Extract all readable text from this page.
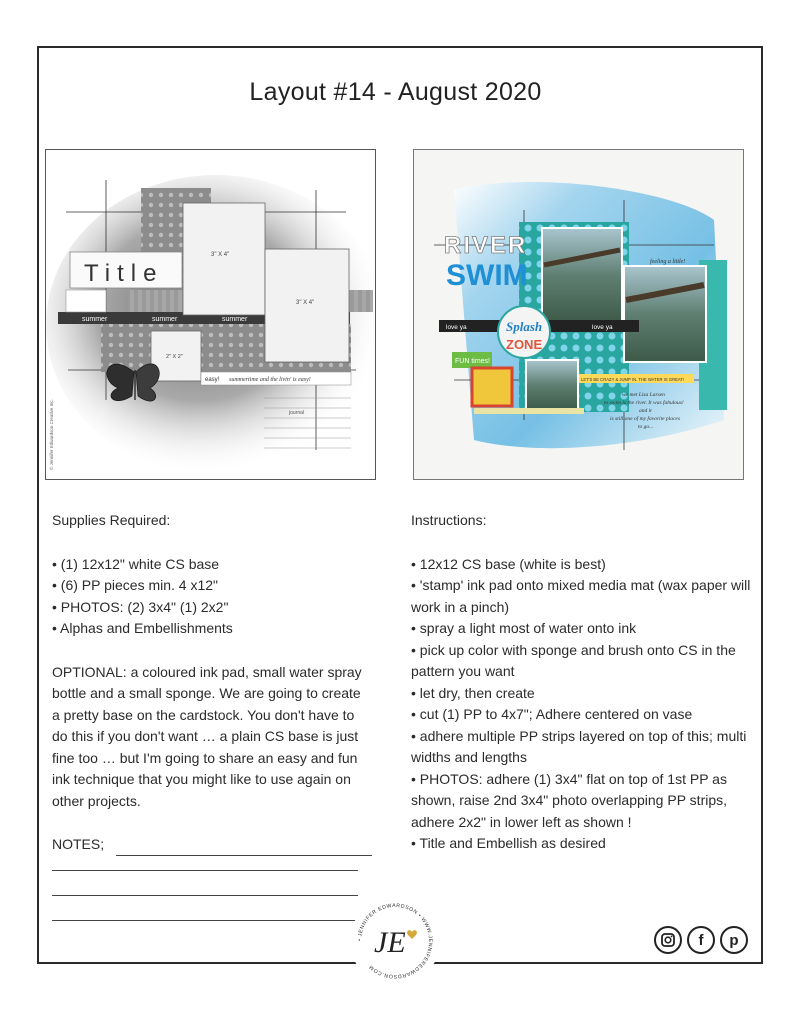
Layout #14 - August 2020
summer	summer	summer
Title
3" X 4"
3" X 4"
2" X 2"
easy! summertime and the livin' is easy!
journal
© Jennifer Edwardson Creative Inc.
feeling a little!
RIVER
SWIM
love ya	love ya
Splash
ZONE
FUN times!
LET'S BE CRAZY & JUMP IN. THE WATER IS GREAT!
we met Lisa Larsen
to swim is the river. It was fabulous!
and it
is still one of my favorite places
to go...
Supplies Required:
• (1) 12x12" white CS base
• (6) PP pieces min. 4 x12"
• PHOTOS: (2) 3x4" (1) 2x2"
• Alphas and Embellishments

OPTIONAL: a coloured ink pad, small water spray bottle and a small sponge. We are going to create a pretty base on the cardstock. You don't have to do this if you don't want … a plain CS base is just fine too … but I'm going to share an easy and fun ink technique that you might like to use again on other projects.

NOTES;
Instructions:
• 12x12 CS base (white is best)
• 'stamp' ink pad onto mixed media mat (wax paper will work in a pinch)
• spray a light most of water onto ink
• pick up color with sponge and brush onto CS in the pattern you want
• let dry, then create
• cut (1) PP to 4x7"; Adhere centered on vase
• adhere multiple PP strips layered on top of this; multi widths and lengths
• PHOTOS: adhere (1) 3x4" flat on top of 1st PP as shown, raise 2nd 3x4" photo overlapping PP strips, adhere 2x2" in lower left as shown !
• Title and Embellish as desired
• JENNIFER EDWARDSON • WWW.JENNIFEREDWARDSON.COM
JE	f p
